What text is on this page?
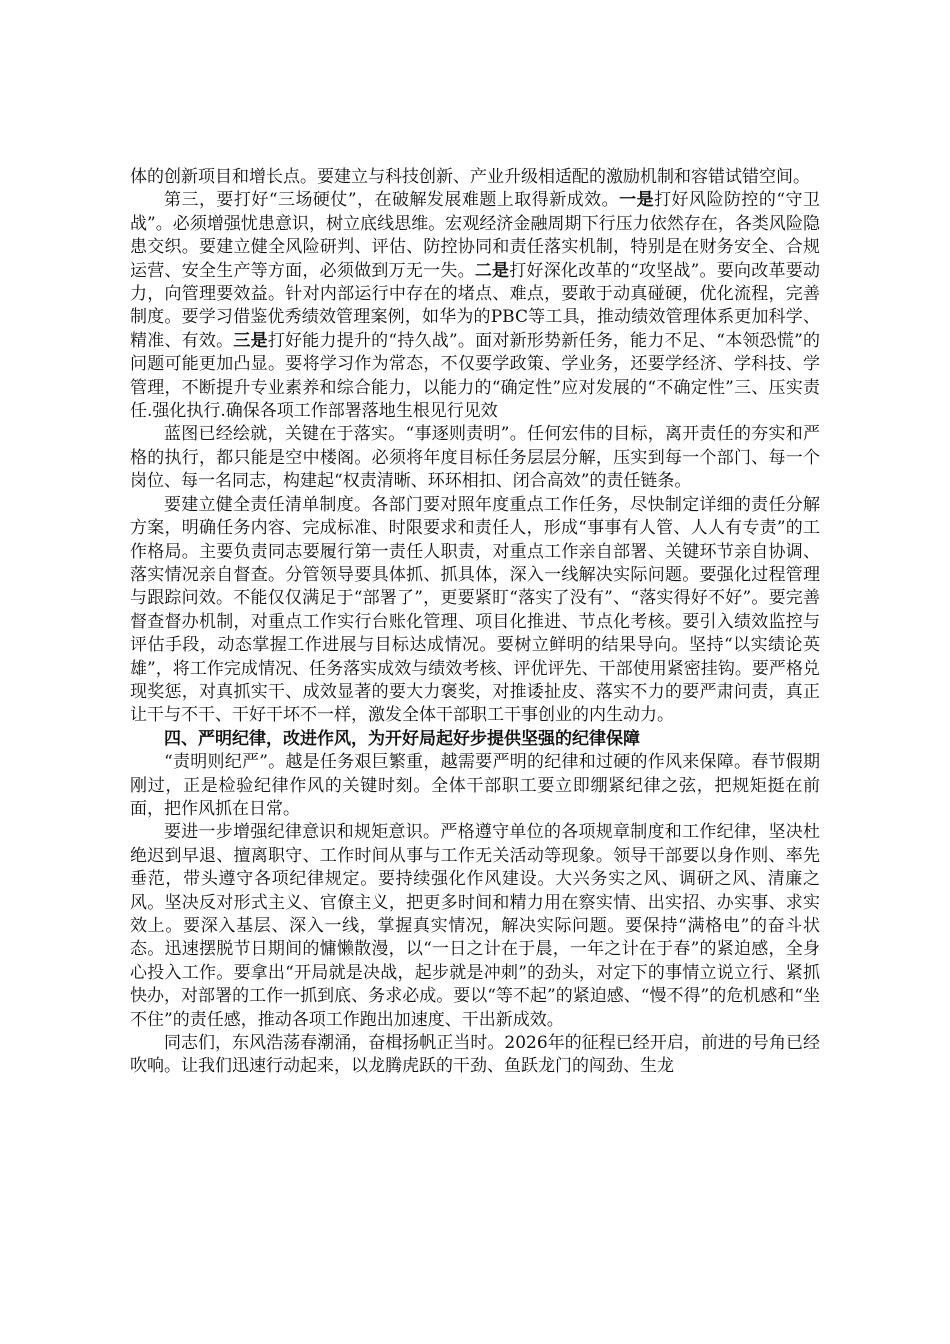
体的创新项目和增长点。要建立与科技创新、产业升级相适配的激励机制和容错试错空间。

第三，要打好“三场硬仗”，在破解发展难题上取得新成效。一是打好风险防控的“守卫战”。必须增强忧患意识，树立底线思维。宏观经济金融周期下行压力依然存在，各类风险隐患交织。要建立健全风险研判、评估、防控协同和责任落实机制，特别是在财务安全、合规运营、安全生产等方面，必须做到万无一失。二是打好深化改革的“攻坚战”。要向改革要动力，向管理要效益。针对内部运行中存在的堵点、难点，要敢于动真碰硬，优化流程，完善制度。要学习借鉴优秀绩效管理案例，如华为的PBC等工具，推动绩效管理体系更加科学、精准、有效。三是打好能力提升的“持久战”。面对新形势新任务，能力不足、“本领恐慌”的问题可能更加凸显。要将学习作为常态，不仅要学政策、学业务，还要学经济、学科技、学管理，不断提升专业素养和综合能力，以能力的“确定性”应对发展的“不确定性”三、压实责任.强化执行.确保各项工作部署落地生根见行见效

蓝图已经绘就，关键在于落实。“事逐则责明”。任何宏伟的目标，离开责任的夯实和严格的执行，都只能是空中楼阁。必须将年度目标任务层层分解，压实到每一个部门、每一个岗位、每一名同志，构建起“权责清晰、环环相扣、闭合高效”的责任链条。

要建立健全责任清单制度。各部门要对照年度重点工作任务，尽快制定详细的责任分解方案，明确任务内容、完成标准、时限要求和责任人，形成“事事有人管、人人有专责”的工作格局。主要负责同志要履行第一责任人职责，对重点工作亲自部署、关键环节亲自协调、落实情况亲自督查。分管领导要具体抓、抓具体，深入一线解决实际问题。要强化过程管理与跟踪问效。不能仅仅满足于“部署了”，更要紧盯“落实了没有”、“落实得好不好”。要完善督查督办机制，对重点工作实行台账化管理、项目化推进、节点化考核。要引入绩效监控与评估手段，动态掌握工作进展与目标达成情况。要树立鲜明的结果导向。坚持“以实绩论英雄”，将工作完成情况、任务落实成效与绩效考核、评优评先、干部使用紧密挂钩。要严格兑现奖惩，对真抓实干、成效显著的要大力褒奖，对推诿扯皮、落实不力的要严肃问责，真正让干与不干、干好干坏不一样，激发全体干部职工干事创业的内生动力。

四、严明纪律，改进作风，为开好局起好步提供坚强的纪律保障

“责明则纪严”。越是任务艰巨繁重，越需要严明的纪律和过硬的作风来保障。春节假期刚过，正是检验纪律作风的关键时刻。全体干部职工要立即绷紧纪律之弦，把规矩挺在前面，把作风抓在日常。

要进一步增强纪律意识和规矩意识。严格遵守单位的各项规章制度和工作纪律，坚决杜绝迟到早退、擅离职守、工作时间从事与工作无关活动等现象。领导干部要以身作则、率先垂范，带头遵守各项纪律规定。要持续强化作风建设。大兴务实之风、调研之风、清廉之风。坚决反对形式主义、官僚主义，把更多时间和精力用在察实情、出实招、办实事、求实效上。要深入基层、深入一线，掌握真实情况，解决实际问题。要保持“满格电”的奋斗状态。迅速摆脱节日期间的慵懒散漫，以“一日之计在于晨，一年之计在于春”的紧迫感，全身心投入工作。要拿出“开局就是决战，起步就是冲刺”的劲头，对定下的事情立说立行、紧抓快办，对部署的工作一抓到底、务求必成。要以“等不起”的紧迫感、“慢不得”的危机感和“坐不住”的责任感，推动各项工作跑出加速度、干出新成效。

同志们，东风浩荡春潮涌，奋楫扬帆正当时。2026年的征程已经开启，前进的号角已经吹响。让我们迅速行动起来，以龙腾虎跃的干劲、鱼跃龙门的闯劲、生龙
